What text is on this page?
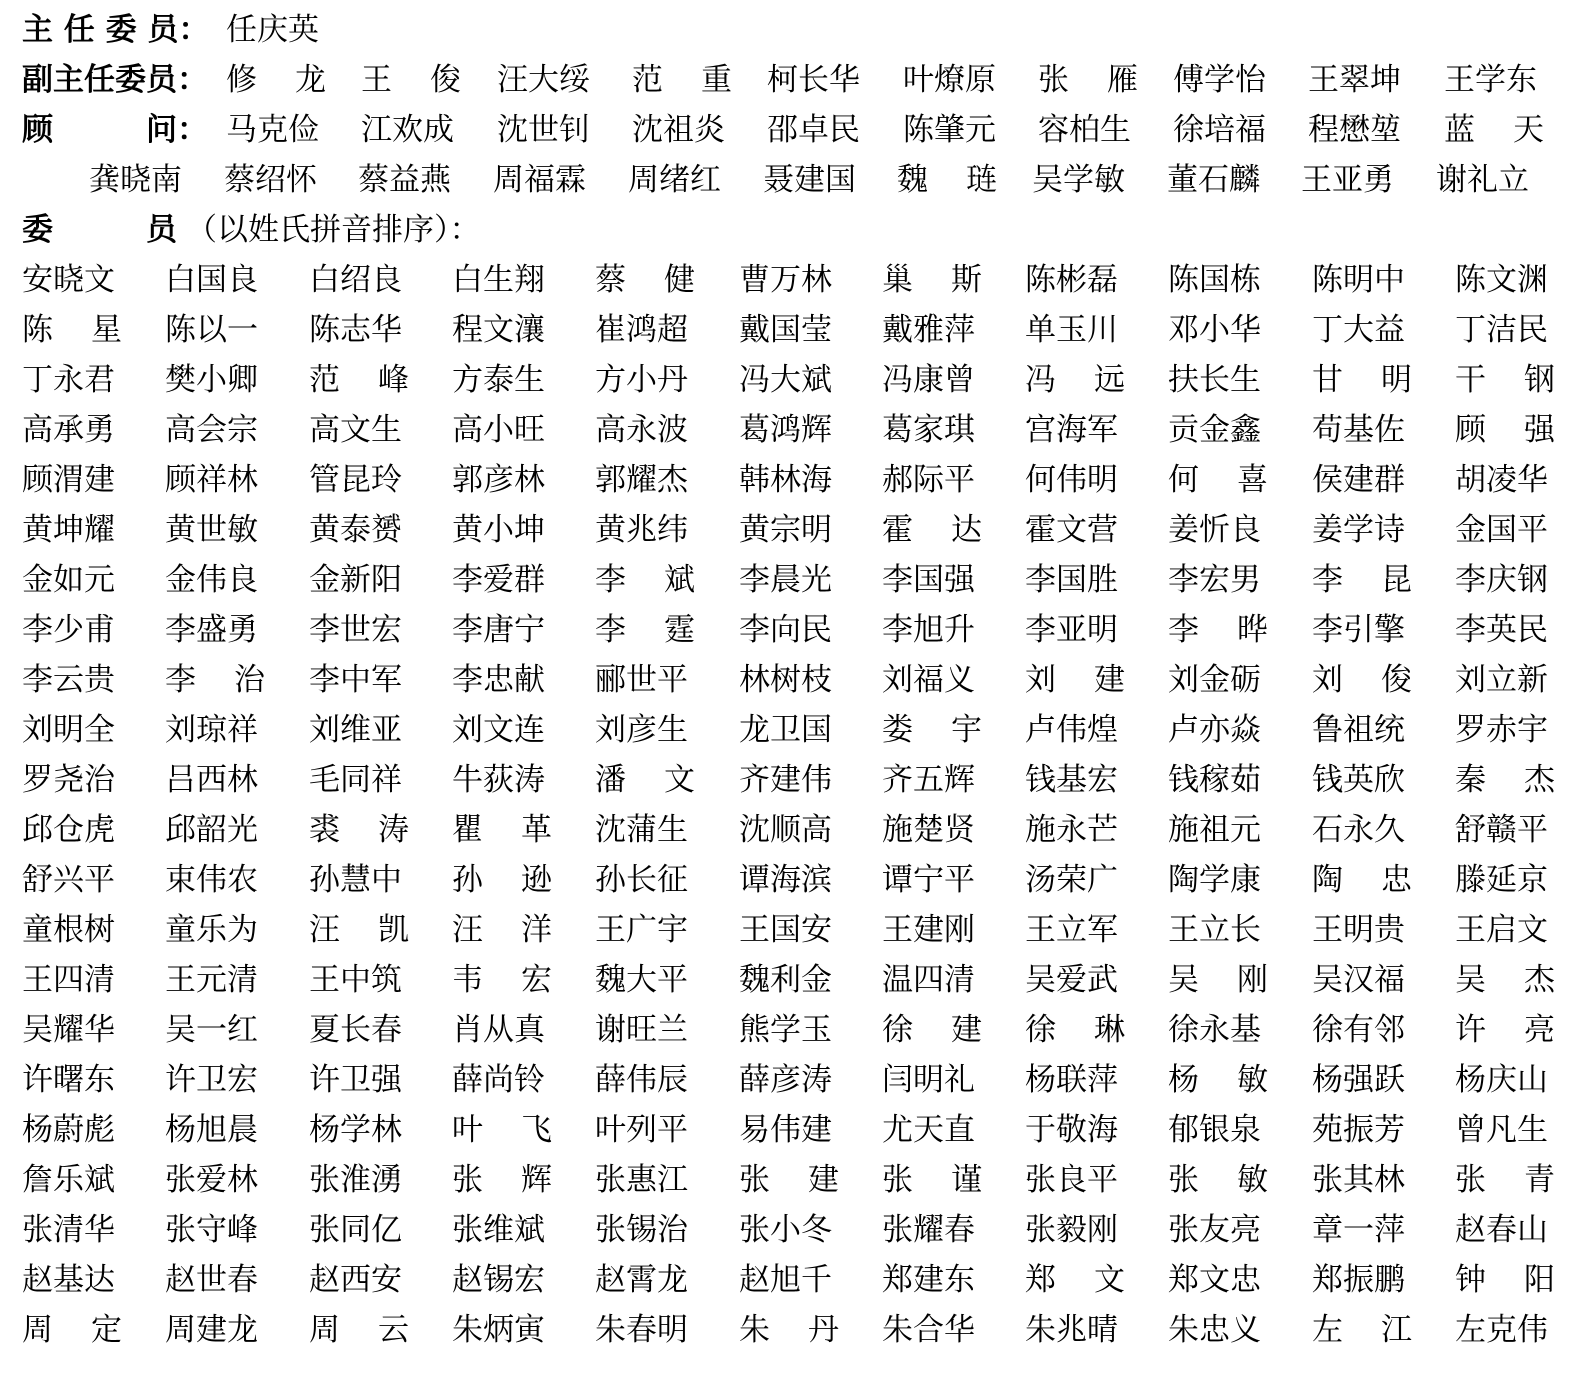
主 任 委 员： 任庆英
副主任委员： 修 龙 王 俊 汪大绥 范 重 柯长华 叶燎原 张 雁 傅学怡 王翠坤 王学东
顾　　　问： 马克俭 江欢成 沈世钊 沈祖炎 邵卓民 陈肇元 容柏生 徐培福 程懋堃 蓝 天
龚晓南 蔡绍怀 蔡益燕 周福霖 周绪红 聂建国 魏 琏 吴学敏 董石麟 王亚勇 谢礼立
委　　　员 （以姓氏拼音排序）：
安晓文 白国良 白绍良 白生翔 蔡 健 曹万林 巢 斯 陈彬磊 陈国栋 陈明中 陈文渊
陈 星 陈以一 陈志华 程文瀼 崔鸿超 戴国莹 戴雅萍 单玉川 邓小华 丁大益 丁洁民
丁永君 樊小卿 范 峰 方泰生 方小丹 冯大斌 冯康曾 冯 远 扶长生 甘 明 干 钢
高承勇 高会宗 高文生 高小旺 高永波 葛鸿辉 葛家琪 宫海军 贡金鑫 苟基佐 顾 强
顾渭建 顾祥林 管昆玲 郭彦林 郭耀杰 韩林海 郝际平 何伟明 何 喜 侯建群 胡凌华
黄坤耀 黄世敏 黄泰赟 黄小坤 黄兆纬 黄宗明 霍 达 霍文营 姜忻良 姜学诗 金国平
金如元 金伟良 金新阳 李爱群 李 斌 李晨光 李国强 李国胜 李宏男 李 昆 李庆钢
李少甫 李盛勇 李世宏 李唐宁 李 霆 李向民 李旭升 李亚明 李 晔 李引擎 李英民
李云贵 李 治 李中军 李忠献 郦世平 林树枝 刘福义 刘 建 刘金砺 刘 俊 刘立新
刘明全 刘琼祥 刘维亚 刘文连 刘彦生 龙卫国 娄 宇 卢伟煌 卢亦焱 鲁祖统 罗赤宇
罗尧治 吕西林 毛同祥 牛荻涛 潘 文 齐建伟 齐五辉 钱基宏 钱稼茹 钱英欣 秦 杰
邱仓虎 邱韶光 裘 涛 瞿 革 沈蒲生 沈顺高 施楚贤 施永芒 施祖元 石永久 舒赣平
舒兴平 束伟农 孙慧中 孙 逊 孙长征 谭海滨 谭宁平 汤荣广 陶学康 陶 忠 滕延京
童根树 童乐为 汪 凯 汪 洋 王广宇 王国安 王建刚 王立军 王立长 王明贵 王启文
王四清 王元清 王中筑 韦 宏 魏大平 魏利金 温四清 吴爱武 吴 刚 吴汉福 吴 杰
吴耀华 吴一红 夏长春 肖从真 谢旺兰 熊学玉 徐 建 徐 琳 徐永基 徐有邻 许 亮
许曙东 许卫宏 许卫强 薛尚铃 薛伟辰 薛彦涛 闫明礼 杨联萍 杨 敏 杨强跃 杨庆山
杨蔚彪 杨旭晨 杨学林 叶 飞 叶列平 易伟建 尤天直 于敬海 郁银泉 苑振芳 曾凡生
詹乐斌 张爱林 张淮湧 张 辉 张惠江 张 建 张 谨 张良平 张 敏 张其林 张 青
张清华 张守峰 张同亿 张维斌 张锡治 张小冬 张耀春 张毅刚 张友亮 章一萍 赵春山
赵基达 赵世春 赵西安 赵锡宏 赵霄龙 赵旭千 郑建东 郑 文 郑文忠 郑振鹏 钟 阳
周 定 周建龙 周 云 朱炳寅 朱春明 朱 丹 朱合华 朱兆晴 朱忠义 左 江 左克伟
